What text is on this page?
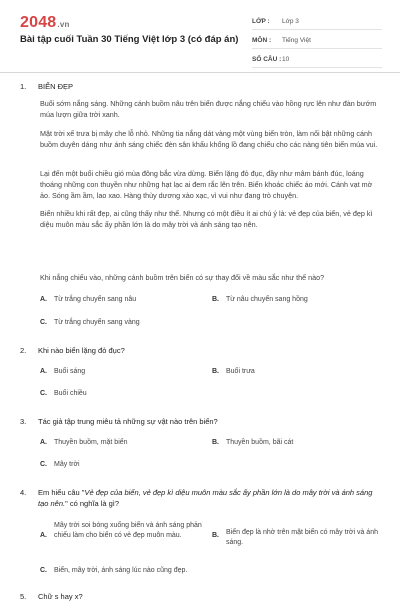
2048.vn
Bài tập cuối Tuần 30 Tiếng Việt lớp 3 (có đáp án)
LỚP :	Lớp 3
MÔN :	Tiếng Việt
SỐ CÂU : 10
1.	BIỂN ĐẸP
Buổi sớm nắng sáng. Những cánh buồm nâu trên biển được nắng chiếu vào hồng rực lên như đàn bướm múa lượn giữa trời xanh.
Mặt trời xế trưa bị mây che lỗ nhỏ. Những tia nắng dát vàng một vùng biển tròn, làm nổi bật những cánh buồm duyên dáng như ánh sáng chiếc đèn sân khấu khổng lồ đang chiếu cho các nàng tiên biển múa vui.
Lại đến một buổi chiều gió mùa đông bắc vừa dừng. Biển lặng đỏ đục, đầy như mâm bánh đúc, loáng thoáng những con thuyền như những hạt lạc ai đem rắc lên trên. Biển khoác chiếc áo mới. Cánh vạt mờ ảo. Sóng ầm ầm, lao xao. Hàng thùy dương xào xạc, vì vui như đang trò chuyện.
Biển nhiều khi rất đẹp, ai cũng thấy như thế. Nhưng có một điều ít ai chú ý là: vẻ đẹp của biển, vẻ đẹp kì diệu muôn màu sắc ấy phần lớn là do mây trời và ánh sáng tạo nên.
Khi nắng chiếu vào, những cánh buồm trên biển có sự thay đổi về màu sắc như thế nào?
A.	Từ trắng chuyển sang nâu	B.	Từ nâu chuyển sang hồng
C.	Từ trắng chuyển sang vàng
2.	Khi nào biển lặng đỏ đục?
A.	Buổi sáng	B.	Buổi trưa
C.	Buổi chiều
3.	Tác giả tập trung miêu tả những sự vật nào trên biển?
A.	Thuyền buồm, mặt biển	B.	Thuyền buồm, bãi cát
C.	Mây trời
4.	Em hiểu câu "Vẻ đẹp của biển, vẻ đẹp kì diệu muôn màu sắc ấy phần lớn là do mây trời và ánh sáng tạo nên." có nghĩa là gì?
A.
Mây trời soi bóng xuống biển và ánh sáng phản chiếu làm cho biển có vẻ đẹp muôn màu.	B.	Biển đẹp là nhờ trên mặt biển có mây trời và ánh sáng.
C.	Biển, mây trời, ánh sáng lúc nào cũng đẹp.
5.	Chữ s hay x?
